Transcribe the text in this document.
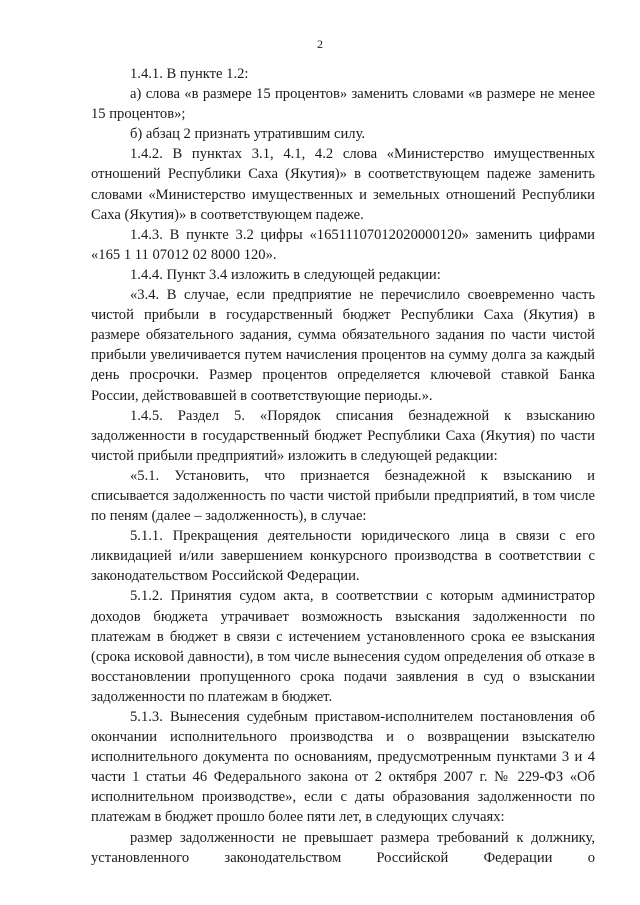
2

1.4.1. В пункте 1.2:

а) слова «в размере 15 процентов» заменить словами «в размере не менее 15 процентов»;

б) абзац 2 признать утратившим силу.

1.4.2. В пунктах 3.1, 4.1, 4.2 слова «Министерство имущественных отношений Республики Саха (Якутия)» в соответствующем падеже заменить словами «Министерство имущественных и земельных отношений Республики Саха (Якутия)» в соответствующем падеже.

1.4.3. В пункте 3.2 цифры «16511107012020000120» заменить цифрами «165 1 11 07012 02 8000 120».

1.4.4. Пункт 3.4 изложить в следующей редакции:

«3.4. В случае, если предприятие не перечислило своевременно часть чистой прибыли в государственный бюджет Республики Саха (Якутия) в размере обязательного задания, сумма обязательного задания по части чистой прибыли увеличивается путем начисления процентов на сумму долга за каждый день просрочки. Размер процентов определяется ключевой ставкой Банка России, действовавшей в соответствующие периоды.».

1.4.5. Раздел 5. «Порядок списания безнадежной к взысканию задолженности в государственный бюджет Республики Саха (Якутия) по части чистой прибыли предприятий» изложить в следующей редакции:

«5.1. Установить, что признается безнадежной к взысканию и списывается задолженность по части чистой прибыли предприятий, в том числе по пеням (далее – задолженность), в случае:

5.1.1. Прекращения деятельности юридического лица в связи с его ликвидацией и/или завершением конкурсного производства в соответствии с законодательством Российской Федерации.

5.1.2. Принятия судом акта, в соответствии с которым администратор доходов бюджета утрачивает возможность взыскания задолженности по платежам в бюджет в связи с истечением установленного срока ее взыскания (срока исковой давности), в том числе вынесения судом определения об отказе в восстановлении пропущенного срока подачи заявления в суд о взыскании задолженности по платежам в бюджет.

5.1.3. Вынесения судебным приставом-исполнителем постановления об окончании исполнительного производства и о возвращении взыскателю исполнительного документа по основаниям, предусмотренным пунктами 3 и 4 части 1 статьи 46 Федерального закона от 2 октября 2007 г. № 229-ФЗ «Об исполнительном производстве», если с даты образования задолженности по платежам в бюджет прошло более пяти лет, в следующих случаях:

размер задолженности не превышает размера требований к должнику, установленного законодательством Российской Федерации о
